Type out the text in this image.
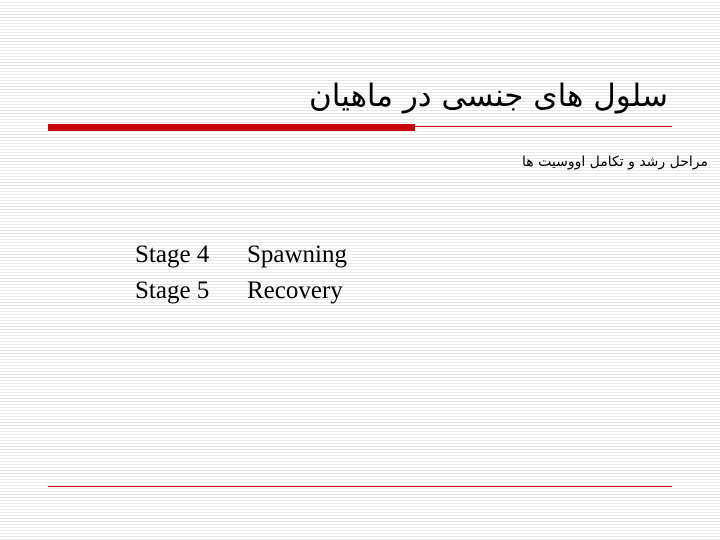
سلول های جنسی در ماهیان
مراحل رشد و تکامل اووسیت ها
Stage 4 Spawning
Stage 5 Recovery
